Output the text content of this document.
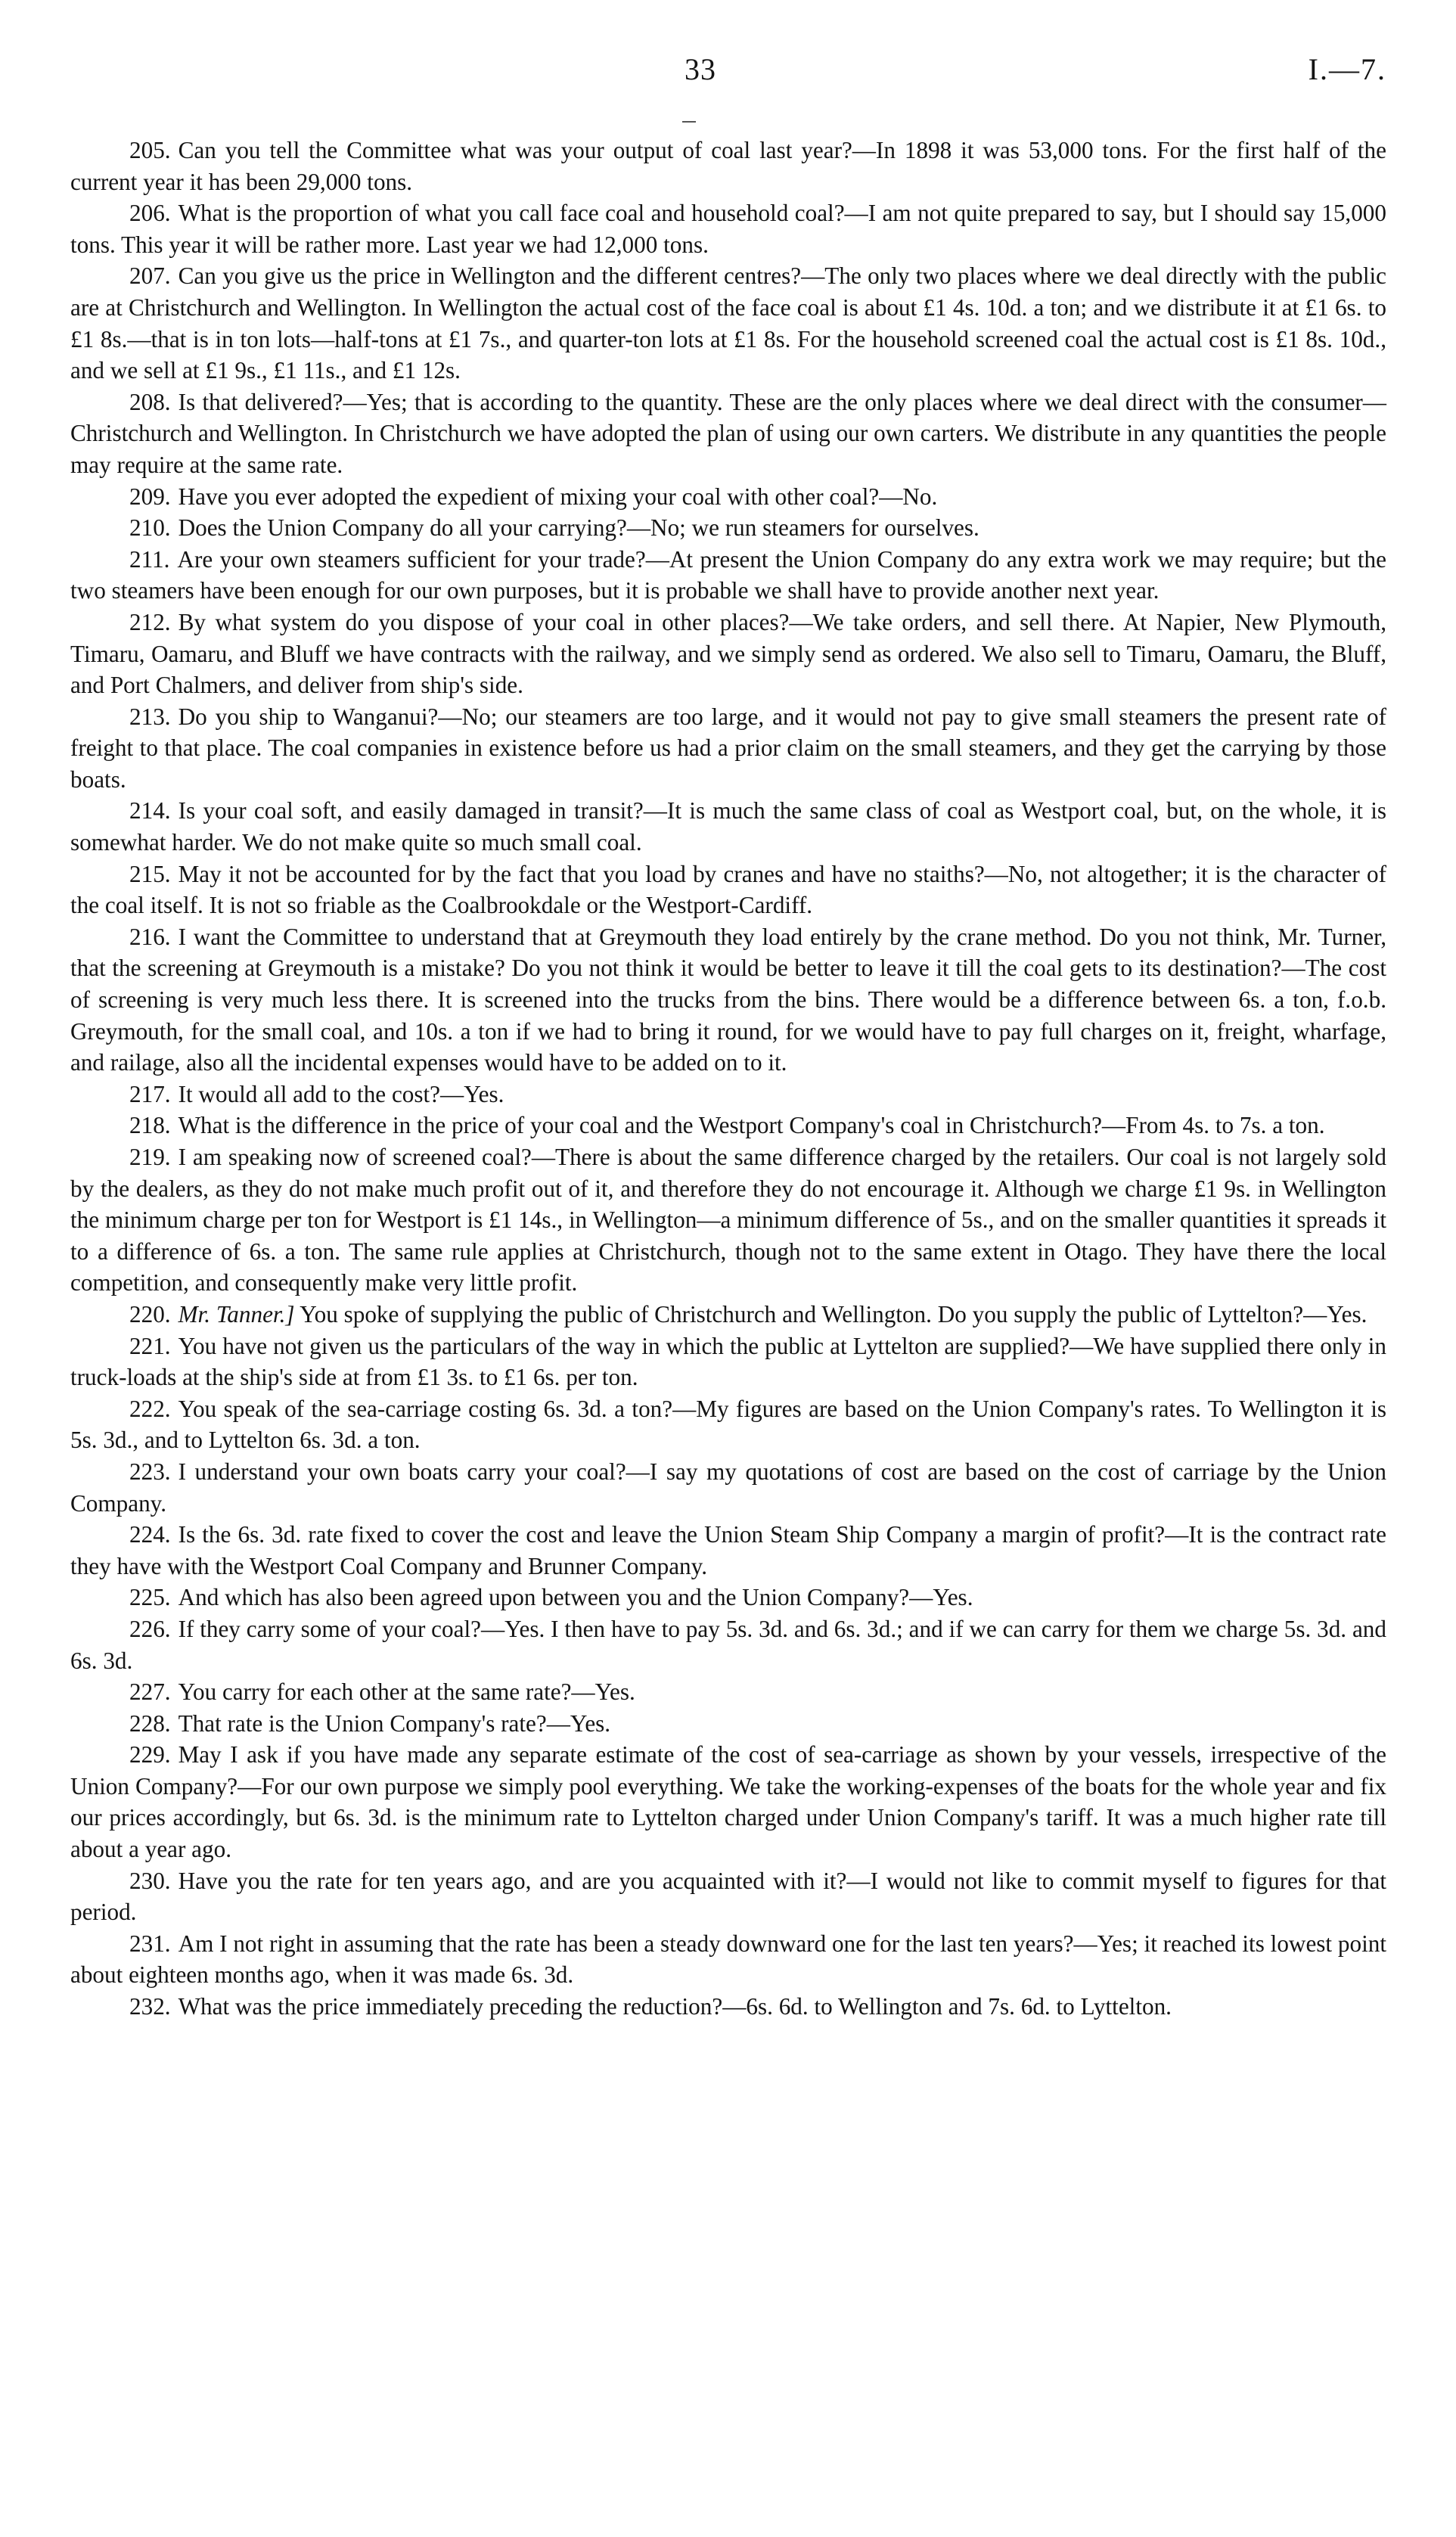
33	I.—7.

205. Can you tell the Committee what was your output of coal last year?—In 1898 it was 53,000 tons. For the first half of the current year it has been 29,000 tons.

206. What is the proportion of what you call face coal and household coal?—I am not quite prepared to say, but I should say 15,000 tons. This year it will be rather more. Last year we had 12,000 tons.

207. Can you give us the price in Wellington and the different centres?—The only two places where we deal directly with the public are at Christchurch and Wellington. In Wellington the actual cost of the face coal is about £1 4s. 10d. a ton; and we distribute it at £1 6s. to £1 8s.—that is in ton lots—half-tons at £1 7s., and quarter-ton lots at £1 8s. For the household screened coal the actual cost is £1 8s. 10d., and we sell at £1 9s., £1 11s., and £1 12s.

208. Is that delivered?—Yes; that is according to the quantity. These are the only places where we deal direct with the consumer—Christchurch and Wellington. In Christchurch we have adopted the plan of using our own carters. We distribute in any quantities the people may require at the same rate.

209. Have you ever adopted the expedient of mixing your coal with other coal?—No.

210. Does the Union Company do all your carrying?—No; we run steamers for ourselves.

211. Are your own steamers sufficient for your trade?—At present the Union Company do any extra work we may require; but the two steamers have been enough for our own purposes, but it is probable we shall have to provide another next year.

212. By what system do you dispose of your coal in other places?—We take orders, and sell there. At Napier, New Plymouth, Timaru, Oamaru, and Bluff we have contracts with the railway, and we simply send as ordered. We also sell to Timaru, Oamaru, the Bluff, and Port Chalmers, and deliver from ship's side.

213. Do you ship to Wanganui?—No; our steamers are too large, and it would not pay to give small steamers the present rate of freight to that place. The coal companies in existence before us had a prior claim on the small steamers, and they get the carrying by those boats.

214. Is your coal soft, and easily damaged in transit?—It is much the same class of coal as Westport coal, but, on the whole, it is somewhat harder. We do not make quite so much small coal.

215. May it not be accounted for by the fact that you load by cranes and have no staiths?—No, not altogether; it is the character of the coal itself. It is not so friable as the Coalbrookdale or the Westport-Cardiff.

216. I want the Committee to understand that at Greymouth they load entirely by the crane method. Do you not think, Mr. Turner, that the screening at Greymouth is a mistake? Do you not think it would be better to leave it till the coal gets to its destination?—The cost of screening is very much less there. It is screened into the trucks from the bins. There would be a difference between 6s. a ton, f.o.b. Greymouth, for the small coal, and 10s. a ton if we had to bring it round, for we would have to pay full charges on it, freight, wharfage, and railage, also all the incidental expenses would have to be added on to it.

217. It would all add to the cost?—Yes.

218. What is the difference in the price of your coal and the Westport Company's coal in Christchurch?—From 4s. to 7s. a ton.

219. I am speaking now of screened coal?—There is about the same difference charged by the retailers. Our coal is not largely sold by the dealers, as they do not make much profit out of it, and therefore they do not encourage it. Although we charge £1 9s. in Wellington the minimum charge per ton for Westport is £1 14s., in Wellington—a minimum difference of 5s., and on the smaller quantities it spreads it to a difference of 6s. a ton. The same rule applies at Christchurch, though not to the same extent in Otago. They have there the local competition, and consequently make very little profit.

220. Mr. Tanner.] You spoke of supplying the public of Christchurch and Wellington. Do you supply the public of Lyttelton?—Yes.

221. You have not given us the particulars of the way in which the public at Lyttelton are supplied?—We have supplied there only in truck-loads at the ship's side at from £1 3s. to £1 6s. per ton.

222. You speak of the sea-carriage costing 6s. 3d. a ton?—My figures are based on the Union Company's rates. To Wellington it is 5s. 3d., and to Lyttelton 6s. 3d. a ton.

223. I understand your own boats carry your coal?—I say my quotations of cost are based on the cost of carriage by the Union Company.

224. Is the 6s. 3d. rate fixed to cover the cost and leave the Union Steam Ship Company a margin of profit?—It is the contract rate they have with the Westport Coal Company and Brunner Company.

225. And which has also been agreed upon between you and the Union Company?—Yes.

226. If they carry some of your coal?—Yes. I then have to pay 5s. 3d. and 6s. 3d.; and if we can carry for them we charge 5s. 3d. and 6s. 3d.

227. You carry for each other at the same rate?—Yes.

228. That rate is the Union Company's rate?—Yes.

229. May I ask if you have made any separate estimate of the cost of sea-carriage as shown by your vessels, irrespective of the Union Company?—For our own purpose we simply pool everything. We take the working-expenses of the boats for the whole year and fix our prices accordingly, but 6s. 3d. is the minimum rate to Lyttelton charged under Union Company's tariff. It was a much higher rate till about a year ago.

230. Have you the rate for ten years ago, and are you acquainted with it?—I would not like to commit myself to figures for that period.

231. Am I not right in assuming that the rate has been a steady downward one for the last ten years?—Yes; it reached its lowest point about eighteen months ago, when it was made 6s. 3d.

232. What was the price immediately preceding the reduction?—6s. 6d. to Wellington and 7s. 6d. to Lyttelton.
